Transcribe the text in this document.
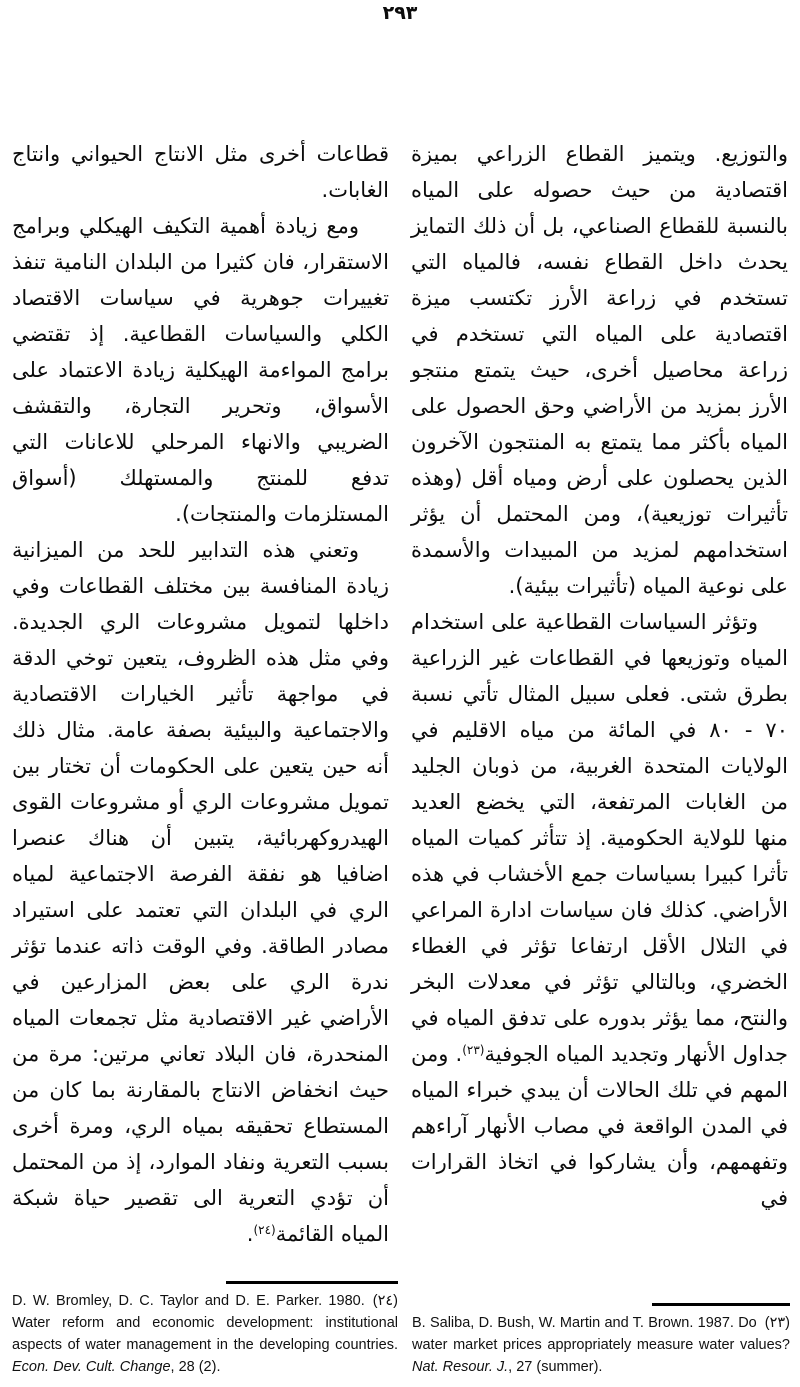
٢٩٣

والتوزيع. ويتميز القطاع الزراعي بميزة اقتصادية من حيث حصوله على المياه بالنسبة للقطاع الصناعي، بل أن ذلك التمايز يحدث داخل القطاع نفسه، فالمياه التي تستخدم في زراعة الأرز تكتسب ميزة اقتصادية على المياه التي تستخدم في زراعة محاصيل أخرى، حيث يتمتع منتجو الأرز بمزيد من الأراضي وحق الحصول على المياه بأكثر مما يتمتع به المنتجون الآخرون الذين يحصلون على أرض ومياه أقل (وهذه تأثيرات توزيعية)، ومن المحتمل أن يؤثر استخدامهم لمزيد من المبيدات والأسمدة على نوعية المياه (تأثيرات بيئية).

وتؤثر السياسات القطاعية على استخدام المياه وتوزيعها في القطاعات غير الزراعية بطرق شتى. فعلى سبيل المثال تأتي نسبة ٧٠ - ٨٠ في المائة من مياه الاقليم في الولايات المتحدة الغربية، من ذوبان الجليد من الغابات المرتفعة، التي يخضع العديد منها للولاية الحكومية. إذ تتأثر كميات المياه تأثرا كبيرا بسياسات جمع الأخشاب في هذه الأراضي. كذلك فان سياسات ادارة المراعي في التلال الأقل ارتفاعا تؤثر في الغطاء الخضري، وبالتالي تؤثر في معدلات البخر والنتح، مما يؤثر بدوره على تدفق المياه في جداول الأنهار وتجديد المياه الجوفية$^{(٢٣)}$. ومن المهم في تلك الحالات أن يبدي خبراء المياه في المدن الواقعة في مصاب الأنهار آراءهم وتفهمهم، وأن يشاركوا في اتخاذ القرارات في

قطاعات أخرى مثل الانتاج الحيواني وانتاج الغابات.

ومع زيادة أهمية التكيف الهيكلي وبرامج الاستقرار، فان كثيرا من البلدان النامية تنفذ تغييرات جوهرية في سياسات الاقتصاد الكلي والسياسات القطاعية. إذ تقتضي برامج المواءمة الهيكلية زيادة الاعتماد على الأسواق، وتحرير التجارة، والتقشف الضريبي والانهاء المرحلي للاعانات التي تدفع للمنتج والمستهلك (أسواق المستلزمات والمنتجات).

وتعني هذه التدابير للحد من الميزانية زيادة المنافسة بين مختلف القطاعات وفي داخلها لتمويل مشروعات الري الجديدة. وفي مثل هذه الظروف، يتعين توخي الدقة في مواجهة تأثير الخيارات الاقتصادية والاجتماعية والبيئية بصفة عامة. مثال ذلك أنه حين يتعين على الحكومات أن تختار بين تمويل مشروعات الري أو مشروعات القوى الهيدروكهربائية، يتبين أن هناك عنصرا اضافيا هو نفقة الفرصة الاجتماعية لمياه الري في البلدان التي تعتمد على استيراد مصادر الطاقة. وفي الوقت ذاته عندما تؤثر ندرة الري على بعض المزارعين في الأراضي غير الاقتصادية مثل تجمعات المياه المنحدرة، فان البلاد تعاني مرتين: مرة من حيث انخفاض الانتاج بالمقارنة بما كان من المستطاع تحقيقه بمياه الري، ومرة أخرى بسبب التعرية ونفاد الموارد، إذ من المحتمل أن تؤدي التعرية الى تقصير حياة شبكة المياه القائمة$^{(٢٤)}$.

(٢٤)
D. W. Bromley, D. C. Taylor and D. E. Parker. 1980. Water reform and economic development: institutional aspects of water management in the developing countries. Econ. Dev. Cult. Change, 28 (2).

(٢٣)
B. Saliba, D. Bush, W. Martin and T. Brown. 1987. Do water market prices appropriately measure water values? Nat. Resour. J., 27 (summer).
